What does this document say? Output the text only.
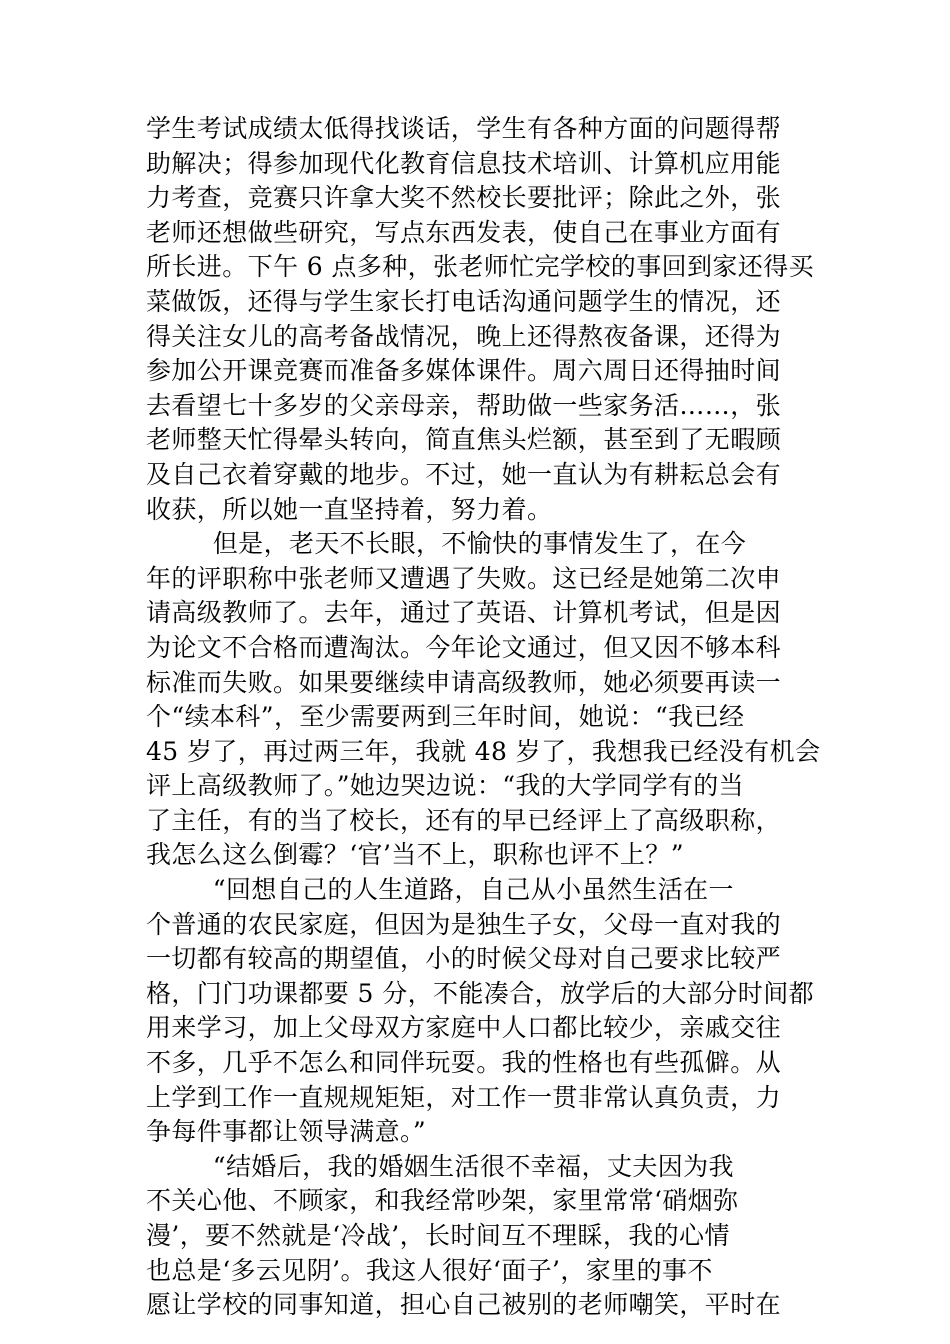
学生考试成绩太低得找谈话，学生有各种方面的问题得帮
助解决；得参加现代化教育信息技术培训、计算机应用能
力考查，竞赛只许拿大奖不然校长要批评；除此之外，张
老师还想做些研究，写点东西发表，使自己在事业方面有
所长进。下午 6 点多种，张老师忙完学校的事回到家还得买
菜做饭，还得与学生家长打电话沟通问题学生的情况，还
得关注女儿的高考备战情况，晚上还得熬夜备课，还得为
参加公开课竞赛而准备多媒体课件。周六周日还得抽时间
去看望七十多岁的父亲母亲，帮助做一些家务活……，张
老师整天忙得晕头转向，简直焦头烂额，甚至到了无暇顾
及自己衣着穿戴的地步。不过，她一直认为有耕耘总会有
收获，所以她一直坚持着，努力着。
但是，老天不长眼，不愉快的事情发生了，在今
年的评职称中张老师又遭遇了失败。这已经是她第二次申
请高级教师了。去年，通过了英语、计算机考试，但是因
为论文不合格而遭淘汰。今年论文通过，但又因不够本科
标准而失败。如果要继续申请高级教师，她必须要再读一
个“续本科”，至少需要两到三年时间，她说：“我已经
45 岁了，再过两三年，我就 48 岁了，我想我已经没有机会
评上高级教师了。”她边哭边说：“我的大学同学有的当
了主任，有的当了校长，还有的早已经评上了高级职称，
我怎么这么倒霉？‘官’当不上，职称也评不上？”
“回想自己的人生道路，自己从小虽然生活在一
个普通的农民家庭，但因为是独生子女，父母一直对我的
一切都有较高的期望值，小的时候父母对自己要求比较严
格，门门功课都要 5 分，不能凑合，放学后的大部分时间都
用来学习，加上父母双方家庭中人口都比较少，亲戚交往
不多，几乎不怎么和同伴玩耍。我的性格也有些孤僻。从
上学到工作一直规规矩矩，对工作一贯非常认真负责，力
争每件事都让领导满意。”
“结婚后，我的婚姻生活很不幸福，丈夫因为我
不关心他、不顾家，和我经常吵架，家里常常‘硝烟弥
漫’，要不然就是‘冷战’，长时间互不理睬，我的心情
也总是‘多云见阴’。我这人很好‘面子’，家里的事不
愿让学校的同事知道，担心自己被别的老师嘲笑，平时在
